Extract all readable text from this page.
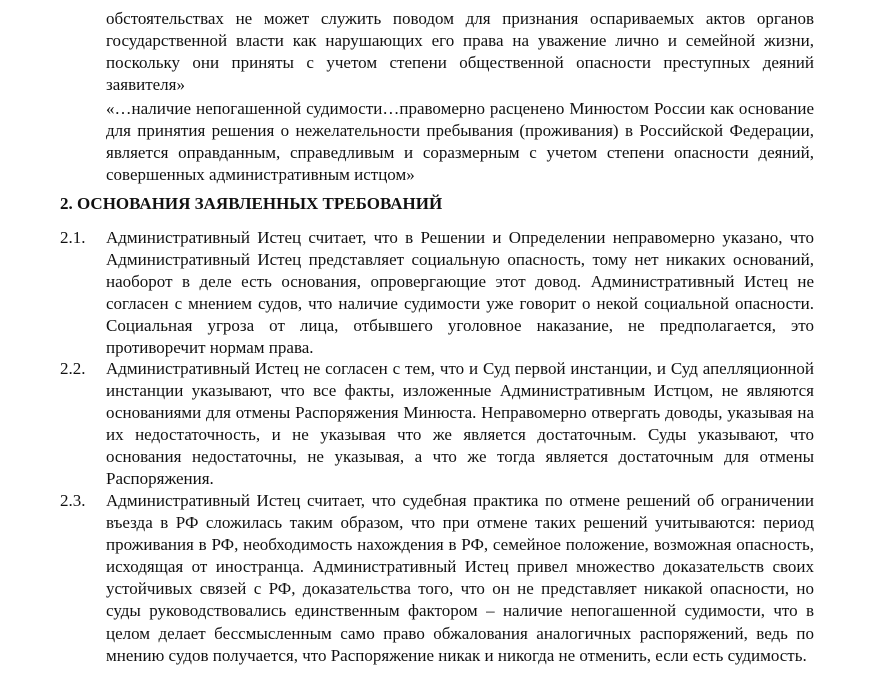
обстоятельствах не может служить поводом для признания оспариваемых актов органов государственной власти как нарушающих его права на уважение лично и семейной жизни, поскольку они приняты с учетом степени общественной опасности преступных деяний заявителя»

«…наличие непогашенной судимости…правомерно расценено Минюстом России как основание для принятия решения о нежелательности пребывания (проживания) в Российской Федерации, является оправданным, справедливым и соразмерным с учетом степени опасности деяний, совершенных административным истцом»

2. ОСНОВАНИЯ ЗАЯВЛЕННЫХ ТРЕБОВАНИЙ
2.1. Административный Истец считает, что в Решении и Определении неправомерно указано, что Административный Истец представляет социальную опасность, тому нет никаких оснований, наоборот в деле есть основания, опровергающие этот довод. Административный Истец не согласен с мнением судов, что наличие судимости уже говорит о некой социальной опасности. Социальная угроза от лица, отбывшего уголовное наказание, не предполагается, это противоречит нормам права.

2.2. Административный Истец не согласен с тем, что и Суд первой инстанции, и Суд апелляционной инстанции указывают, что все факты, изложенные Административным Истцом, не являются основаниями для отмены Распоряжения Минюста. Неправомерно отвергать доводы, указывая на их недостаточность, и не указывая что же является достаточным. Суды указывают, что основания недостаточны, не указывая, а что же тогда является достаточным для отмены Распоряжения.

2.3. Административный Истец считает, что судебная практика по отмене решений об ограничении въезда в РФ сложилась таким образом, что при отмене таких решений учитываются: период проживания в РФ, необходимость нахождения в РФ, семейное положение, возможная опасность, исходящая от иностранца. Административный Истец привел множество доказательств своих устойчивых связей с РФ, доказательства того, что он не представляет никакой опасности, но суды руководствовались единственным фактором – наличие непогашенной судимости, что в целом делает бессмысленным само право обжалования аналогичных распоряжений, ведь по мнению судов получается, что Распоряжение никак и никогда не отменить, если есть судимость.
